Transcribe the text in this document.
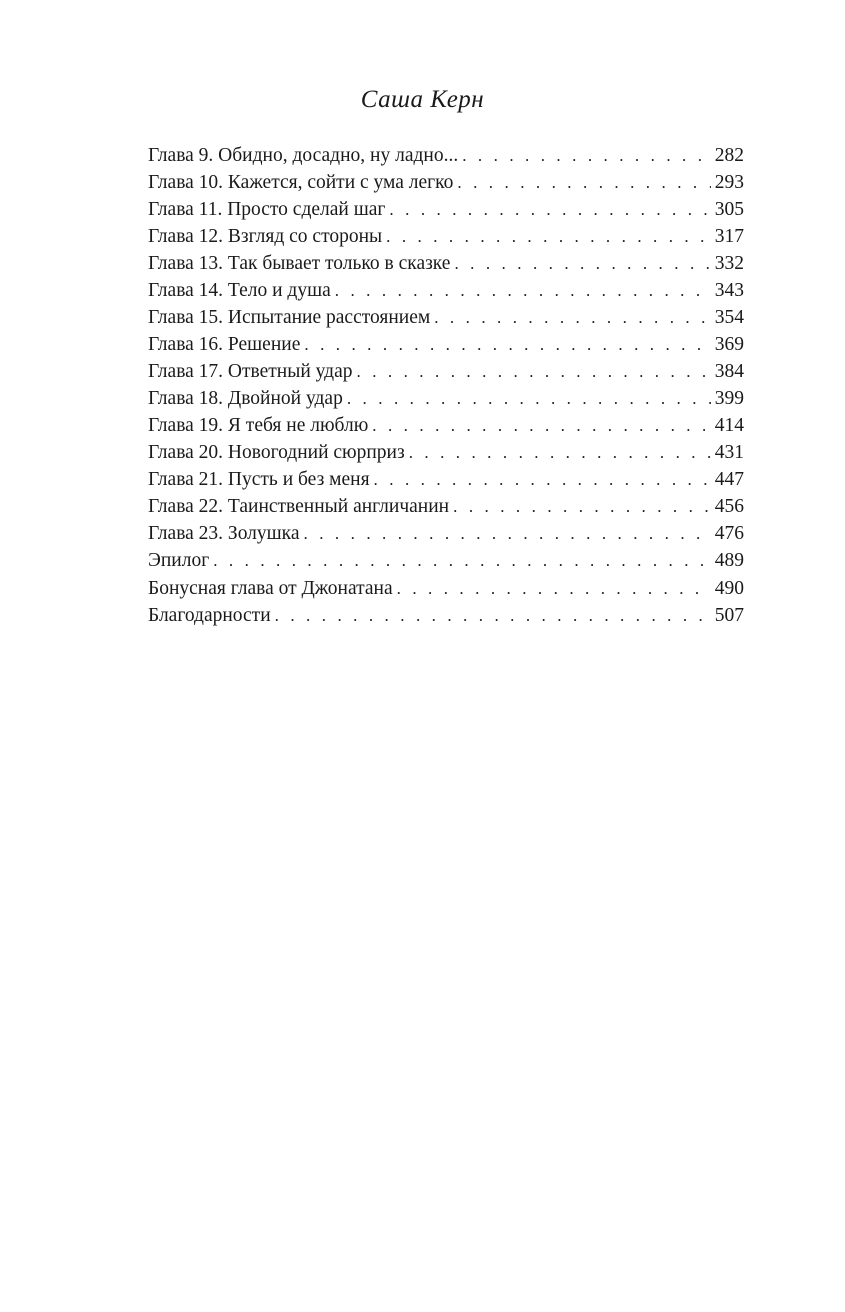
Саша Керн
Глава 9. Обидно, досадно, ну ладно... . . .	282
Глава 10. Кажется, сойти с ума легко . . .	293
Глава 11. Просто сделай шаг . . .	305
Глава 12. Взгляд со стороны . . .	317
Глава 13. Так бывает только в сказке . . .	332
Глава 14. Тело и душа . . .	343
Глава 15. Испытание расстоянием . . .	354
Глава 16. Решение . . .	369
Глава 17. Ответный удар . . .	384
Глава 18. Двойной удар . . .	399
Глава 19. Я тебя не люблю . . .	414
Глава 20. Новогодний сюрприз . . .	431
Глава 21. Пусть и без меня . . .	447
Глава 22. Таинственный англичанин . . .	456
Глава 23. Золушка . . .	476
Эпилог . . .	489
Бонусная глава от Джонатана . . .	490
Благодарности . . .	507
